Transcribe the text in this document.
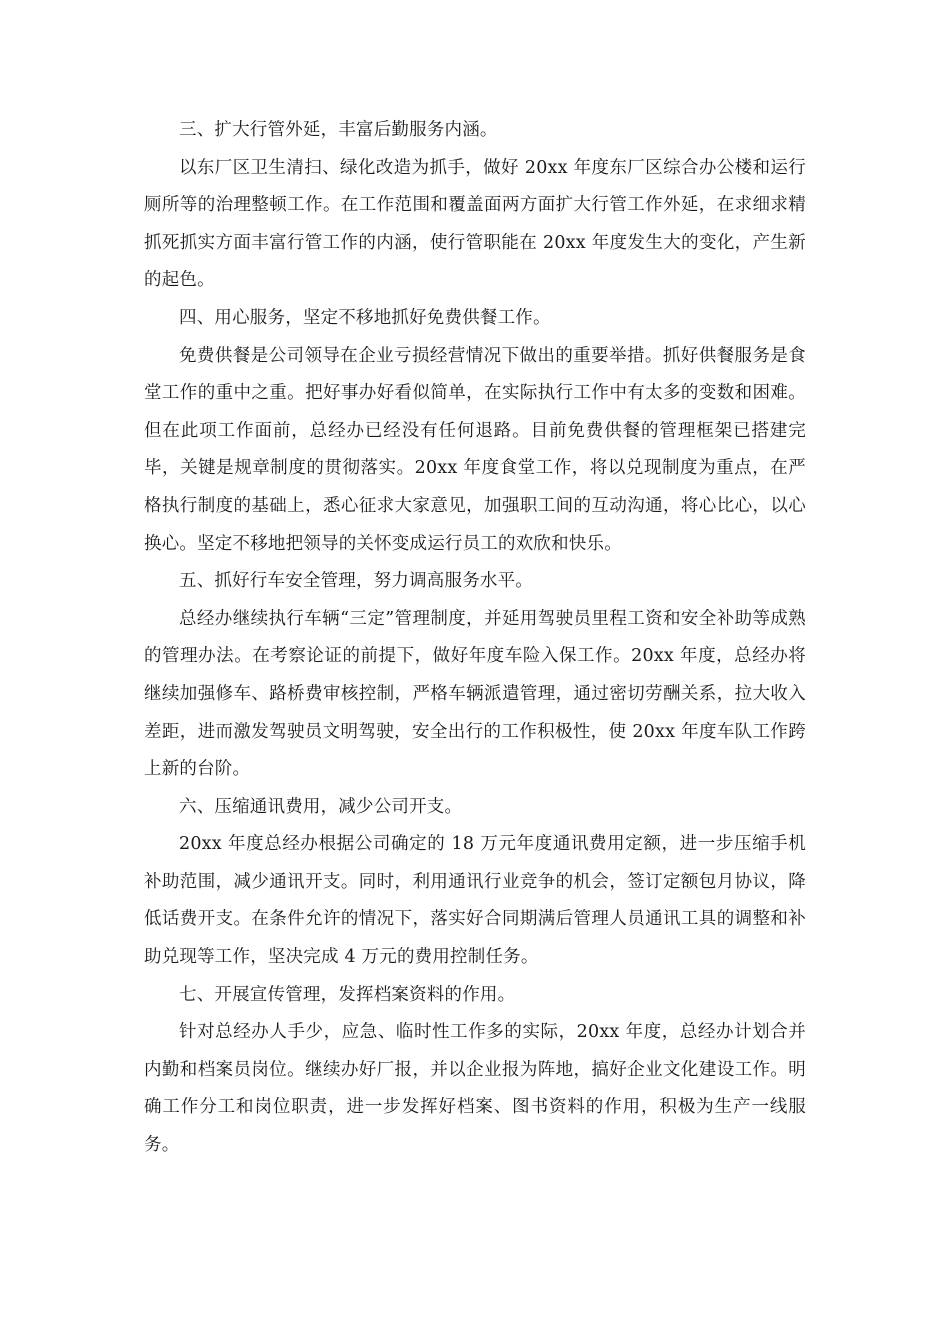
三、扩大行管外延，丰富后勤服务内涵。

以东厂区卫生清扫、绿化改造为抓手，做好 20xx 年度东厂区综合办公楼和运行厕所等的治理整顿工作。在工作范围和覆盖面两方面扩大行管工作外延，在求细求精抓死抓实方面丰富行管工作的内涵，使行管职能在 20xx 年度发生大的变化，产生新的起色。

四、用心服务，坚定不移地抓好免费供餐工作。

免费供餐是公司领导在企业亏损经营情况下做出的重要举措。抓好供餐服务是食堂工作的重中之重。把好事办好看似简单，在实际执行工作中有太多的变数和困难。但在此项工作面前，总经办已经没有任何退路。目前免费供餐的管理框架已搭建完毕，关键是规章制度的贯彻落实。20xx 年度食堂工作，将以兑现制度为重点，在严格执行制度的基础上，悉心征求大家意见，加强职工间的互动沟通，将心比心，以心换心。坚定不移地把领导的关怀变成运行员工的欢欣和快乐。

五、抓好行车安全管理，努力调高服务水平。

总经办继续执行车辆“三定”管理制度，并延用驾驶员里程工资和安全补助等成熟的管理办法。在考察论证的前提下，做好年度车险入保工作。20xx 年度，总经办将继续加强修车、路桥费审核控制，严格车辆派遣管理，通过密切劳酬关系，拉大收入差距，进而激发驾驶员文明驾驶，安全出行的工作积极性，使 20xx 年度车队工作跨上新的台阶。

六、压缩通讯费用，减少公司开支。

20xx 年度总经办根据公司确定的 18 万元年度通讯费用定额，进一步压缩手机补助范围，减少通讯开支。同时，利用通讯行业竞争的机会，签订定额包月协议，降低话费开支。在条件允许的情况下，落实好合同期满后管理人员通讯工具的调整和补助兑现等工作，坚决完成 4 万元的费用控制任务。

七、开展宣传管理，发挥档案资料的作用。

针对总经办人手少，应急、临时性工作多的实际，20xx 年度，总经办计划合并内勤和档案员岗位。继续办好厂报，并以企业报为阵地，搞好企业文化建设工作。明确工作分工和岗位职责，进一步发挥好档案、图书资料的作用，积极为生产一线服务。
